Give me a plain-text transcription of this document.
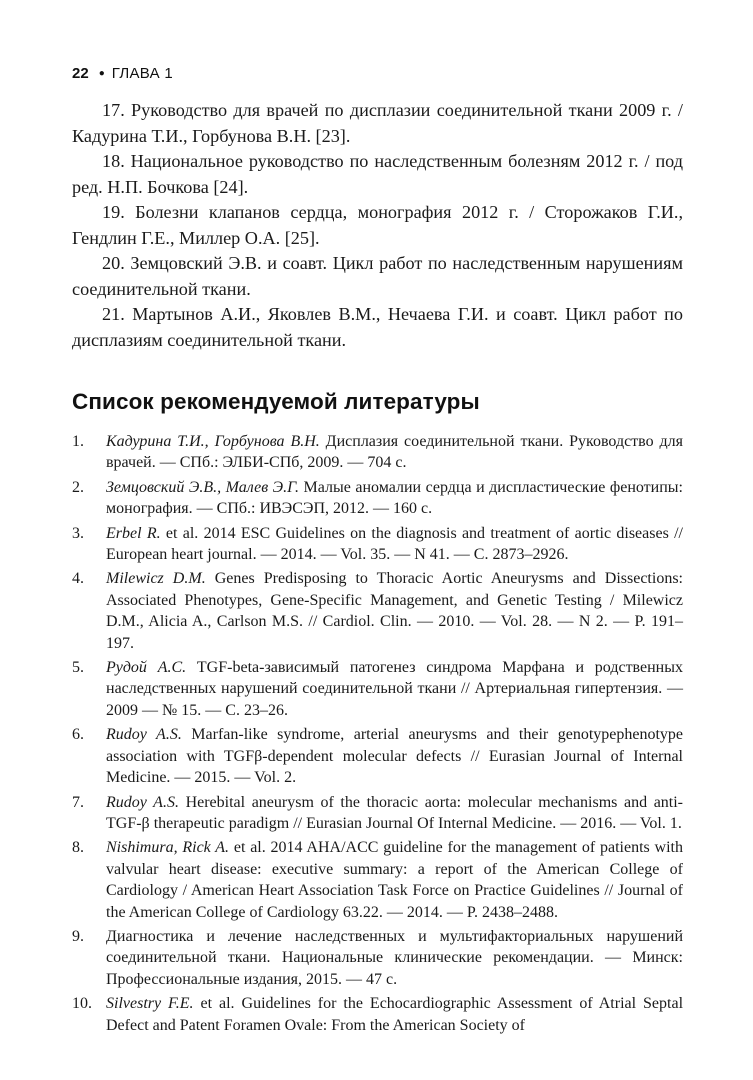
22 ● ГЛАВА 1

17. Руководство для врачей по дисплазии соединительной ткани 2009 г. / Кадурина Т.И., Горбунова В.Н. [23].

18. Национальное руководство по наследственным болезням 2012 г. / под ред. Н.П. Бочкова [24].

19. Болезни клапанов сердца, монография 2012 г. / Сторожаков Г.И., Гендлин Г.Е., Миллер О.А. [25].

20. Земцовский Э.В. и соавт. Цикл работ по наследственным нарушениям соединительной ткани.

21. Мартынов А.И., Яковлев В.М., Нечаева Г.И. и соавт. Цикл работ по дисплазиям соединительной ткани.

Список рекомендуемой литературы
1. Кадурина Т.И., Горбунова В.Н. Дисплазия соединительной ткани. Руководство для врачей. — СПб.: ЭЛБИ-СПб, 2009. — 704 с.
2. Земцовский Э.В., Малев Э.Г. Малые аномалии сердца и диспластические фенотипы: монография. — СПб.: ИВЭСЭП, 2012. — 160 с.
3. Erbel R. et al. 2014 ESC Guidelines on the diagnosis and treatment of aortic diseases // European heart journal. — 2014. — Vol. 35. — N 41. — С. 2873–2926.
4. Milewicz D.M. Genes Predisposing to Thoracic Aortic Aneurysms and Dissections: Associated Phenotypes, Gene-Specific Management, and Genetic Testing / Milewicz D.M., Alicia A., Carlson M.S. // Cardiol. Clin. — 2010. — Vol. 28. — N 2. — P. 191–197.
5. Рудой А.С. TGF-beta-зависимый патогенез синдрома Марфана и родственных наследственных нарушений соединительной ткани // Артериальная гипертензия. — 2009 — № 15. — С. 23–26.
6. Rudoy A.S. Marfan-like syndrome, arterial aneurysms and their genotypephenotype association with TGFβ-dependent molecular defects // Eurasian Journal of Internal Medicine. — 2015. — Vol. 2.
7. Rudoy A.S. Herebital aneurysm of the thoracic aorta: molecular mechanisms and anti-TGF-β therapeutic paradigm // Eurasian Journal Of Internal Medicine. — 2016. — Vol. 1.
8. Nishimura, Rick A. et al. 2014 AHA/ACC guideline for the management of patients with valvular heart disease: executive summary: a report of the American College of Cardiology / American Heart Association Task Force on Practice Guidelines // Journal of the American College of Cardiology 63.22. — 2014. — P. 2438–2488.
9. Диагностика и лечение наследственных и мультифакториальных нарушений соединительной ткани. Национальные клинические рекомендации. — Минск: Профессиональные издания, 2015. — 47 с.
10. Silvestry F.E. et al. Guidelines for the Echocardiographic Assessment of Atrial Septal Defect and Patent Foramen Ovale: From the American Society of
